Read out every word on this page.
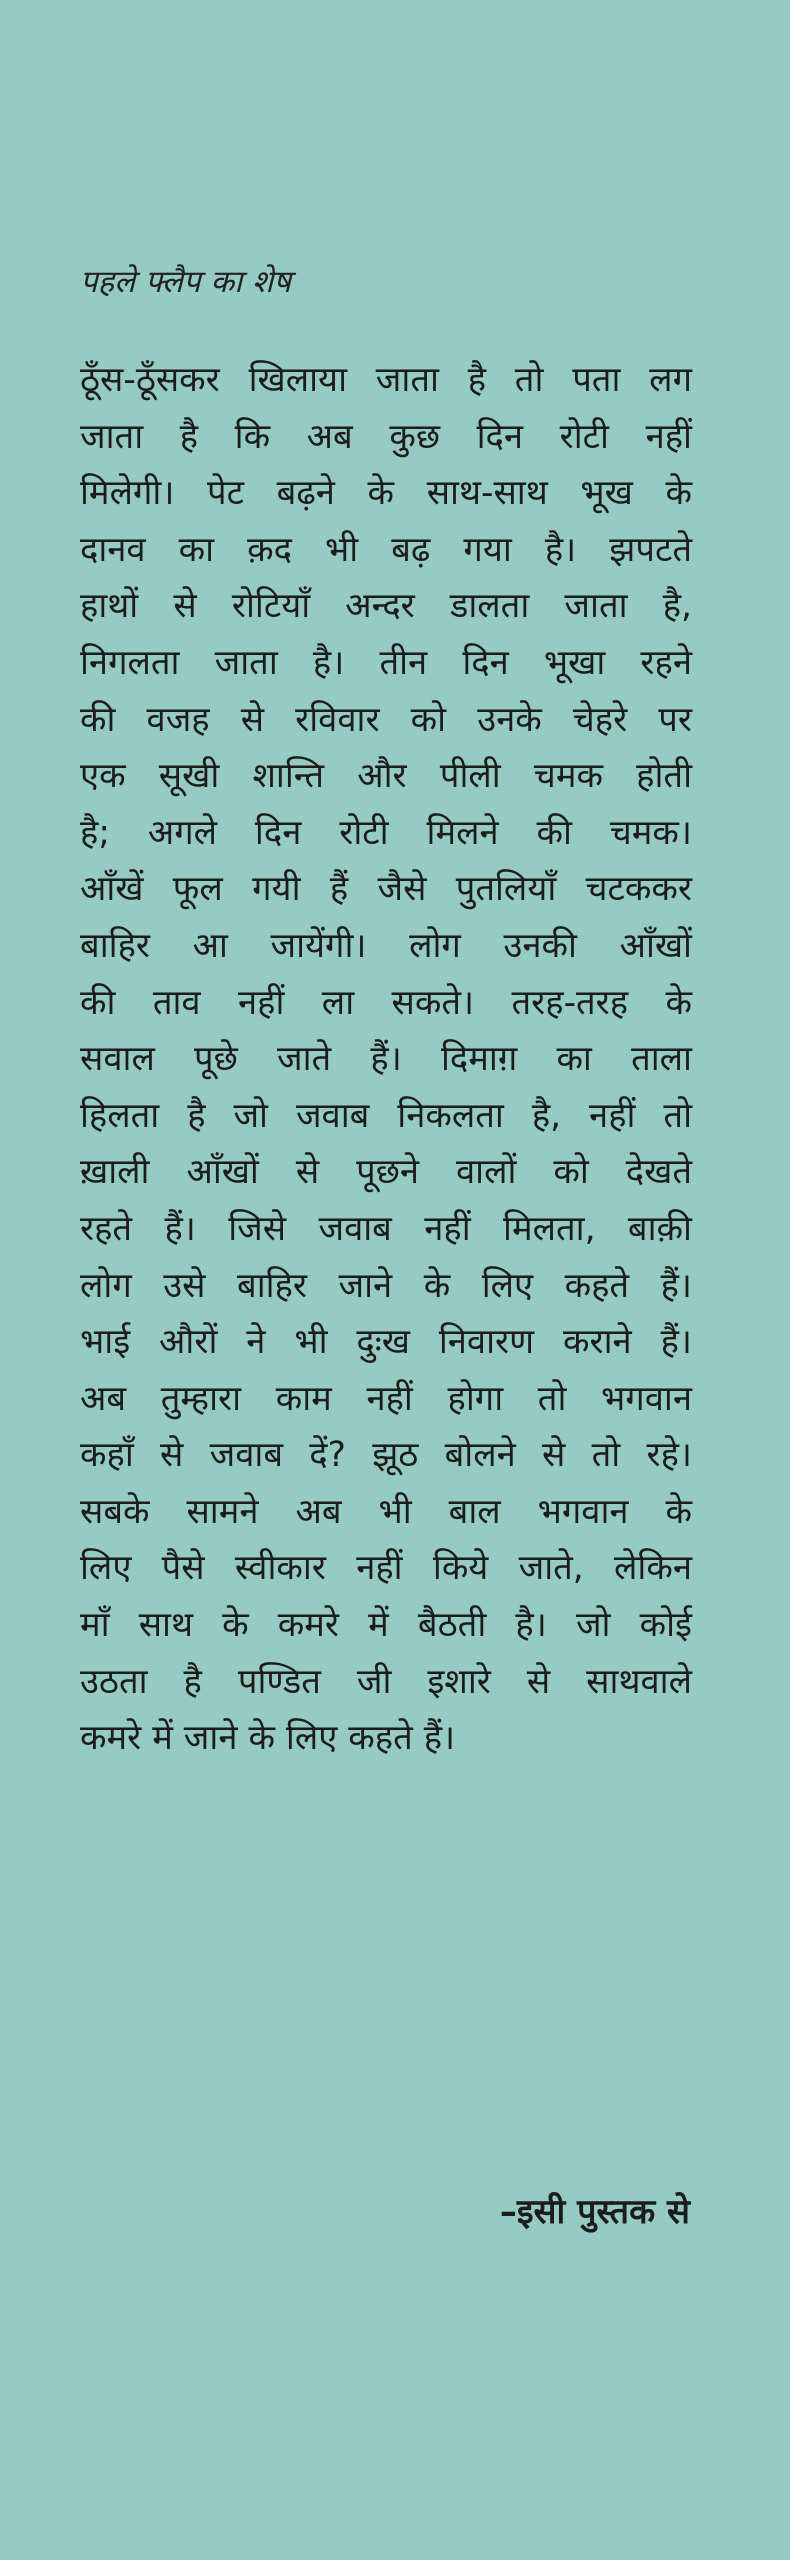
पहले फ्लैप का शेष

ठूँस-ठूँसकर खिलाया जाता है तो पता लग
जाता है कि अब कुछ दिन रोटी नहीं
मिलेगी। पेट बढ़ने के साथ-साथ भूख के
दानव का क़द भी बढ़ गया है। झपटते
हाथों से रोटियाँ अन्दर डालता जाता है,
निगलता जाता है। तीन दिन भूखा रहने
की वजह से रविवार को उनके चेहरे पर
एक सूखी शान्ति और पीली चमक होती
है; अगले दिन रोटी मिलने की चमक।
आँखें फूल गयी हैं जैसे पुतलियाँ चटककर
बाहिर आ जायेंगी। लोग उनकी आँखों
की ताव नहीं ला सकते। तरह-तरह के
सवाल पूछे जाते हैं। दिमाग़ का ताला
हिलता है जो जवाब निकलता है, नहीं तो
ख़ाली आँखों से पूछने वालों को देखते
रहते हैं। जिसे जवाब नहीं मिलता, बाक़ी
लोग उसे बाहिर जाने के लिए कहते हैं।
भाई औरों ने भी दुःख निवारण कराने हैं।
अब तुम्हारा काम नहीं होगा तो भगवान
कहाँ से जवाब दें? झूठ बोलने से तो रहे।
सबके सामने अब भी बाल भगवान के
लिए पैसे स्वीकार नहीं किये जाते, लेकिन
माँ साथ के कमरे में बैठती है। जो कोई
उठता है पण्डित जी इशारे से साथवाले
कमरे में जाने के लिए कहते हैं।

–इसी पुस्तक से
